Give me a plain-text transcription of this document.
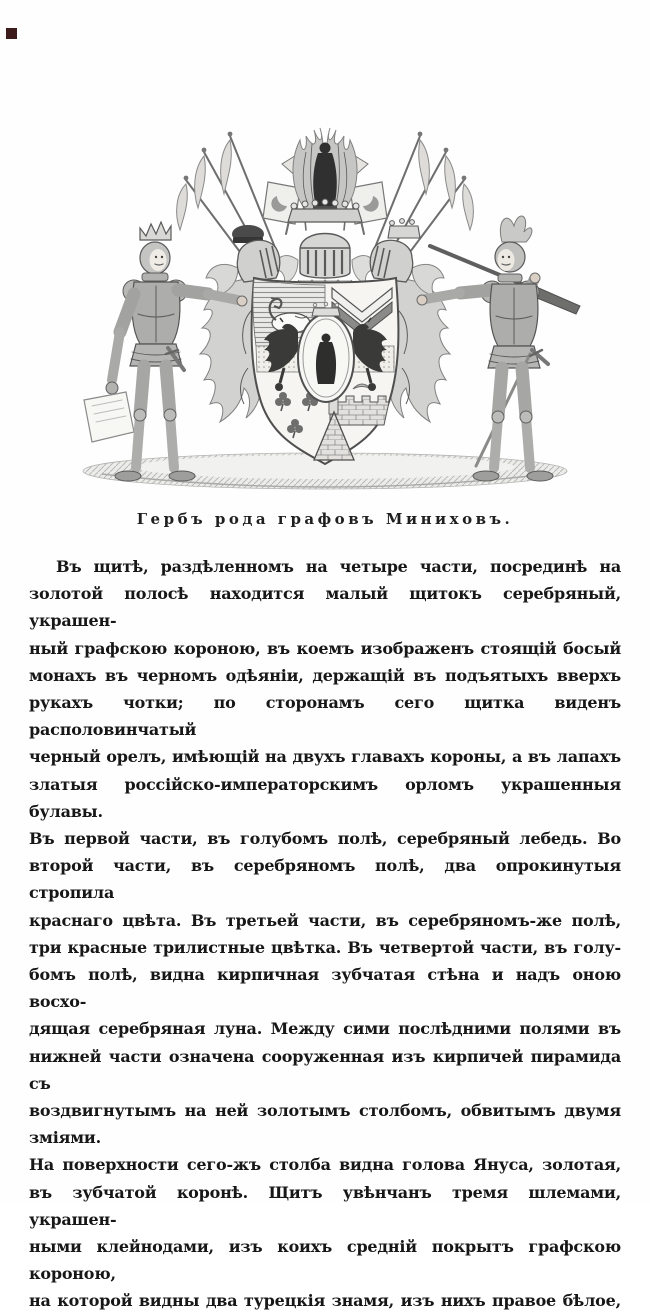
Гербъ рода графовъ Миниховъ.
Въ щитѣ, раздѣленномъ на четыре части, посрединѣ на
золотой полосѣ находится малый щитокъ серебряный, украшен-
ный графскою короною, въ коемъ изображенъ стоящій босый
монахъ въ черномъ одѣяніи, держащій въ подъятыхъ вверхъ
рукахъ чотки; по сторонамъ сего щитка виденъ располовинчатый
черный орелъ, имѣющій на двухъ главахъ короны, а въ лапахъ
златыя россійско-императорскимъ орломъ украшенныя булавы.
Въ первой части, въ голубомъ полѣ, серебряный лебедь. Во
второй части, въ серебряномъ полѣ, два опрокинутыя стропила
краснаго цвѣта. Въ третьей части, въ серебряномъ-же полѣ,
три красные трилистные цвѣтка. Въ четвертой части, въ голу-
бомъ полѣ, видна кирпичная зубчатая стѣна и надъ оною восхо-
дящая серебряная луна. Между сими послѣдними полями въ
нижней части означена сооруженная изъ кирпичей пирамида съ
воздвигнутымъ на ней золотымъ столбомъ, обвитымъ двумя зміями.
На поверхности сего-жъ столба видна голова Януса, золотая,
въ зубчатой коронѣ. Щитъ увѣнчанъ тремя шлемами, украшен-
ными клейнодами, изъ коихъ средній покрытъ графскою короною,
на которой видны два турецкія знамя, изъ нихъ правое бѣлое,
